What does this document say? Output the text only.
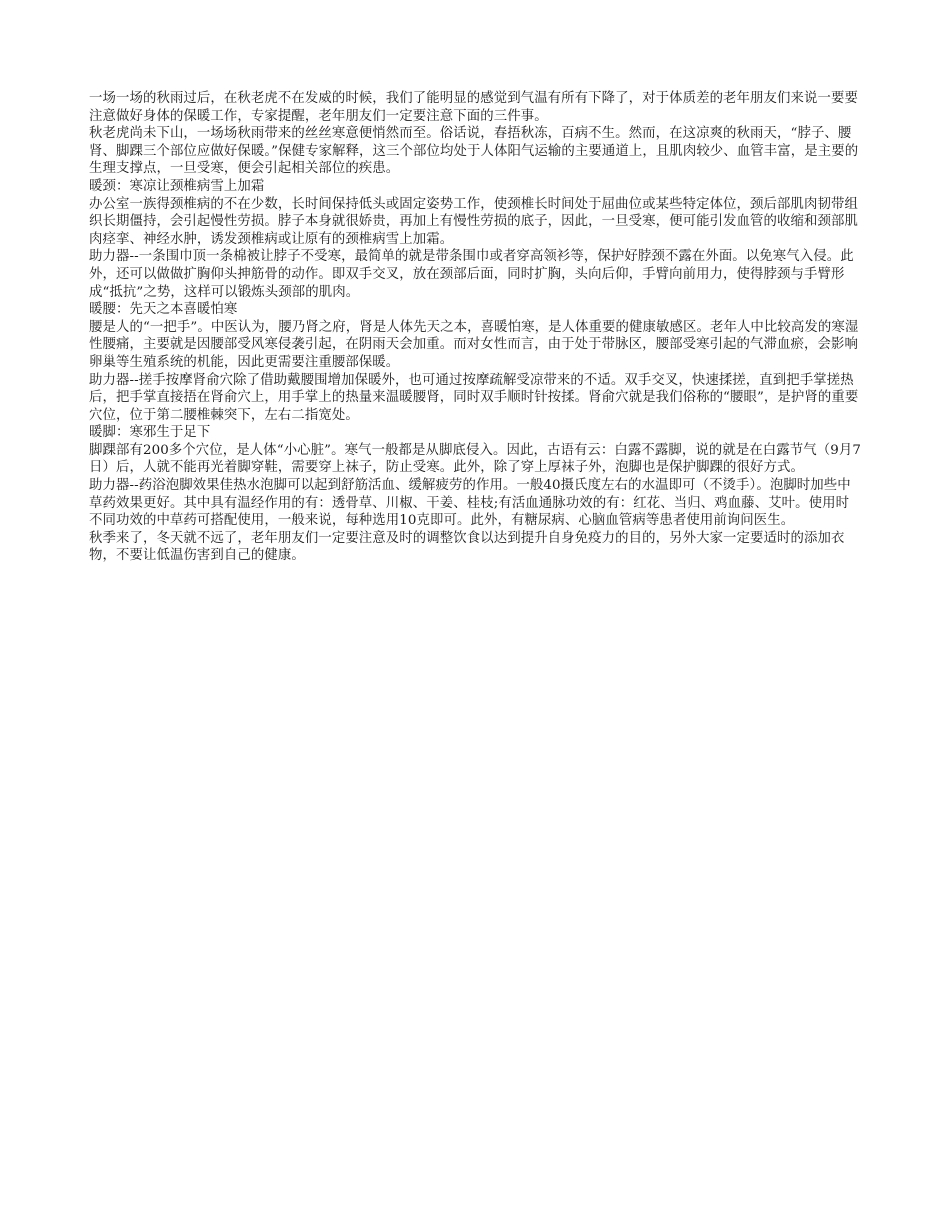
一场一场的秋雨过后，在秋老虎不在发威的时候，我们了能明显的感觉到气温有所有下降了，对于体质差的老年朋友们来说一要要注意做好身体的保暖工作，专家提醒，老年朋友们一定要注意下面的三件事。

秋老虎尚未下山，一场场秋雨带来的丝丝寒意便悄然而至。俗话说，春捂秋冻，百病不生。然而，在这凉爽的秋雨天，“脖子、腰肾、脚踝三个部位应做好保暖。”保健专家解释，这三个部位均处于人体阳气运输的主要通道上，且肌肉较少、血管丰富，是主要的生理支撑点，一旦受寒，便会引起相关部位的疾患。

暖颈：寒凉让颈椎病雪上加霜

办公室一族得颈椎病的不在少数，长时间保持低头或固定姿势工作，使颈椎长时间处于屈曲位或某些特定体位，颈后部肌肉韧带组织长期僵持，会引起慢性劳损。脖子本身就很娇贵，再加上有慢性劳损的底子，因此，一旦受寒，便可能引发血管的收缩和颈部肌肉痉挛、神经水肿，诱发颈椎病或让原有的颈椎病雪上加霜。

助力器--一条围巾顶一条棉被让脖子不受寒，最简单的就是带条围巾或者穿高领衫等，保护好脖颈不露在外面。以免寒气入侵。此外，还可以做做扩胸仰头抻筋骨的动作。即双手交叉，放在颈部后面，同时扩胸，头向后仰，手臂向前用力，使得脖颈与手臂形成“抵抗”之势，这样可以锻炼头颈部的肌肉。

暖腰：先天之本喜暖怕寒

腰是人的“一把手”。中医认为，腰乃肾之府，肾是人体先天之本，喜暖怕寒，是人体重要的健康敏感区。老年人中比较高发的寒湿性腰痛，主要就是因腰部受风寒侵袭引起，在阴雨天会加重。而对女性而言，由于处于带脉区，腰部受寒引起的气滞血瘀，会影响卵巢等生殖系统的机能，因此更需要注重腰部保暖。

助力器--搓手按摩肾俞穴除了借助戴腰围增加保暖外，也可通过按摩疏解受凉带来的不适。双手交叉，快速揉搓，直到把手掌搓热后，把手掌直接捂在肾俞穴上，用手掌上的热量来温暖腰肾，同时双手顺时针按揉。肾俞穴就是我们俗称的“腰眼”，是护肾的重要穴位，位于第二腰椎棘突下，左右二指宽处。

暖脚：寒邪生于足下

脚踝部有200多个穴位，是人体“小心脏”。寒气一般都是从脚底侵入。因此，古语有云：白露不露脚，说的就是在白露节气（9月7日）后，人就不能再光着脚穿鞋，需要穿上袜子，防止受寒。此外，除了穿上厚袜子外，泡脚也是保护脚踝的很好方式。

助力器--药浴泡脚效果佳热水泡脚可以起到舒筋活血、缓解疲劳的作用。一般40摄氏度左右的水温即可（不烫手）。泡脚时加些中草药效果更好。其中具有温经作用的有：透骨草、川椒、干姜、桂枝;有活血通脉功效的有：红花、当归、鸡血藤、艾叶。使用时不同功效的中草药可搭配使用，一般来说，每种选用10克即可。此外，有糖尿病、心脑血管病等患者使用前询问医生。

秋季来了，冬天就不远了，老年朋友们一定要注意及时的调整饮食以达到提升自身免疫力的目的，另外大家一定要适时的添加衣物，不要让低温伤害到自己的健康。
